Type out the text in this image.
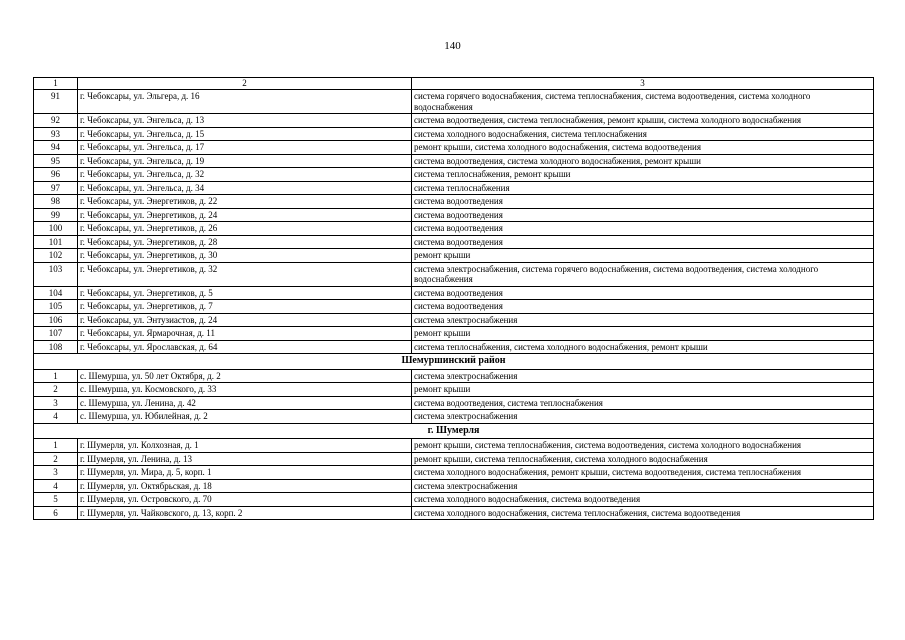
140
1	2	3
91	г. Чебоксары, ул. Эльгера, д. 16	система горячего водоснабжения, система теплоснабжения, система водоотведения, система холодного водоснабжения
92	г. Чебоксары, ул. Энгельса, д. 13	система водоотведения, система теплоснабжения, ремонт крыши, система холодного водоснабжения
93	г. Чебоксары, ул. Энгельса, д. 15	система холодного водоснабжения, система теплоснабжения
94	г. Чебоксары, ул. Энгельса, д. 17	ремонт крыши, система холодного водоснабжения, система водоотведения
95	г. Чебоксары, ул. Энгельса, д. 19	система водоотведения, система холодного водоснабжения, ремонт крыши
96	г. Чебоксары, ул. Энгельса, д. 32	система теплоснабжения, ремонт крыши
97	г. Чебоксары, ул. Энгельса, д. 34	система теплоснабжения
98	г. Чебоксары, ул. Энергетиков, д. 22	система водоотведения
99	г. Чебоксары, ул. Энергетиков, д. 24	система водоотведения
100	г. Чебоксары, ул. Энергетиков, д. 26	система водоотведения
101	г. Чебоксары, ул. Энергетиков, д. 28	система водоотведения
102	г. Чебоксары, ул. Энергетиков, д. 30	ремонт крыши
103	г. Чебоксары, ул. Энергетиков, д. 32	система электроснабжения, система горячего водоснабжения, система водоотведения, система холодного водоснабжения
104	г. Чебоксары, ул. Энергетиков, д. 5	система водоотведения
105	г. Чебоксары, ул. Энергетиков, д. 7	система водоотведения
106	г. Чебоксары, ул. Энтузиастов, д. 24	система электроснабжения
107	г. Чебоксары, ул. Ярмарочная, д. 11	ремонт крыши
108	г. Чебоксары, ул. Ярославская, д. 64	система теплоснабжения, система холодного водоснабжения, ремонт крыши
Шемуршинский район		
1	с. Шемурша, ул. 50 лет Октября, д. 2	система электроснабжения
2	с. Шемурша, ул. Космовского, д. 33	ремонт крыши
3	с. Шемурша, ул. Ленина, д. 42	система водоотведения, система теплоснабжения
4	с. Шемурша, ул. Юбилейная, д. 2	система электроснабжения
г. Шумерля		
1	г. Шумерля, ул. Колхозная, д. 1	ремонт крыши, система теплоснабжения, система водоотведения, система холодного водоснабжения
2	г. Шумерля, ул. Ленина, д. 13	ремонт крыши, система теплоснабжения, система холодного водоснабжения
3	г. Шумерля, ул. Мира, д. 5, корп. 1	система холодного водоснабжения, ремонт крыши, система водоотведения, система теплоснабжения
4	г. Шумерля, ул. Октябрьская, д. 18	система электроснабжения
5	г. Шумерля, ул. Островского, д. 70	система холодного водоснабжения, система водоотведения
6	г. Шумерля, ул. Чайковского, д. 13, корп. 2	система холодного водоснабжения, система теплоснабжения, система водоотведения
